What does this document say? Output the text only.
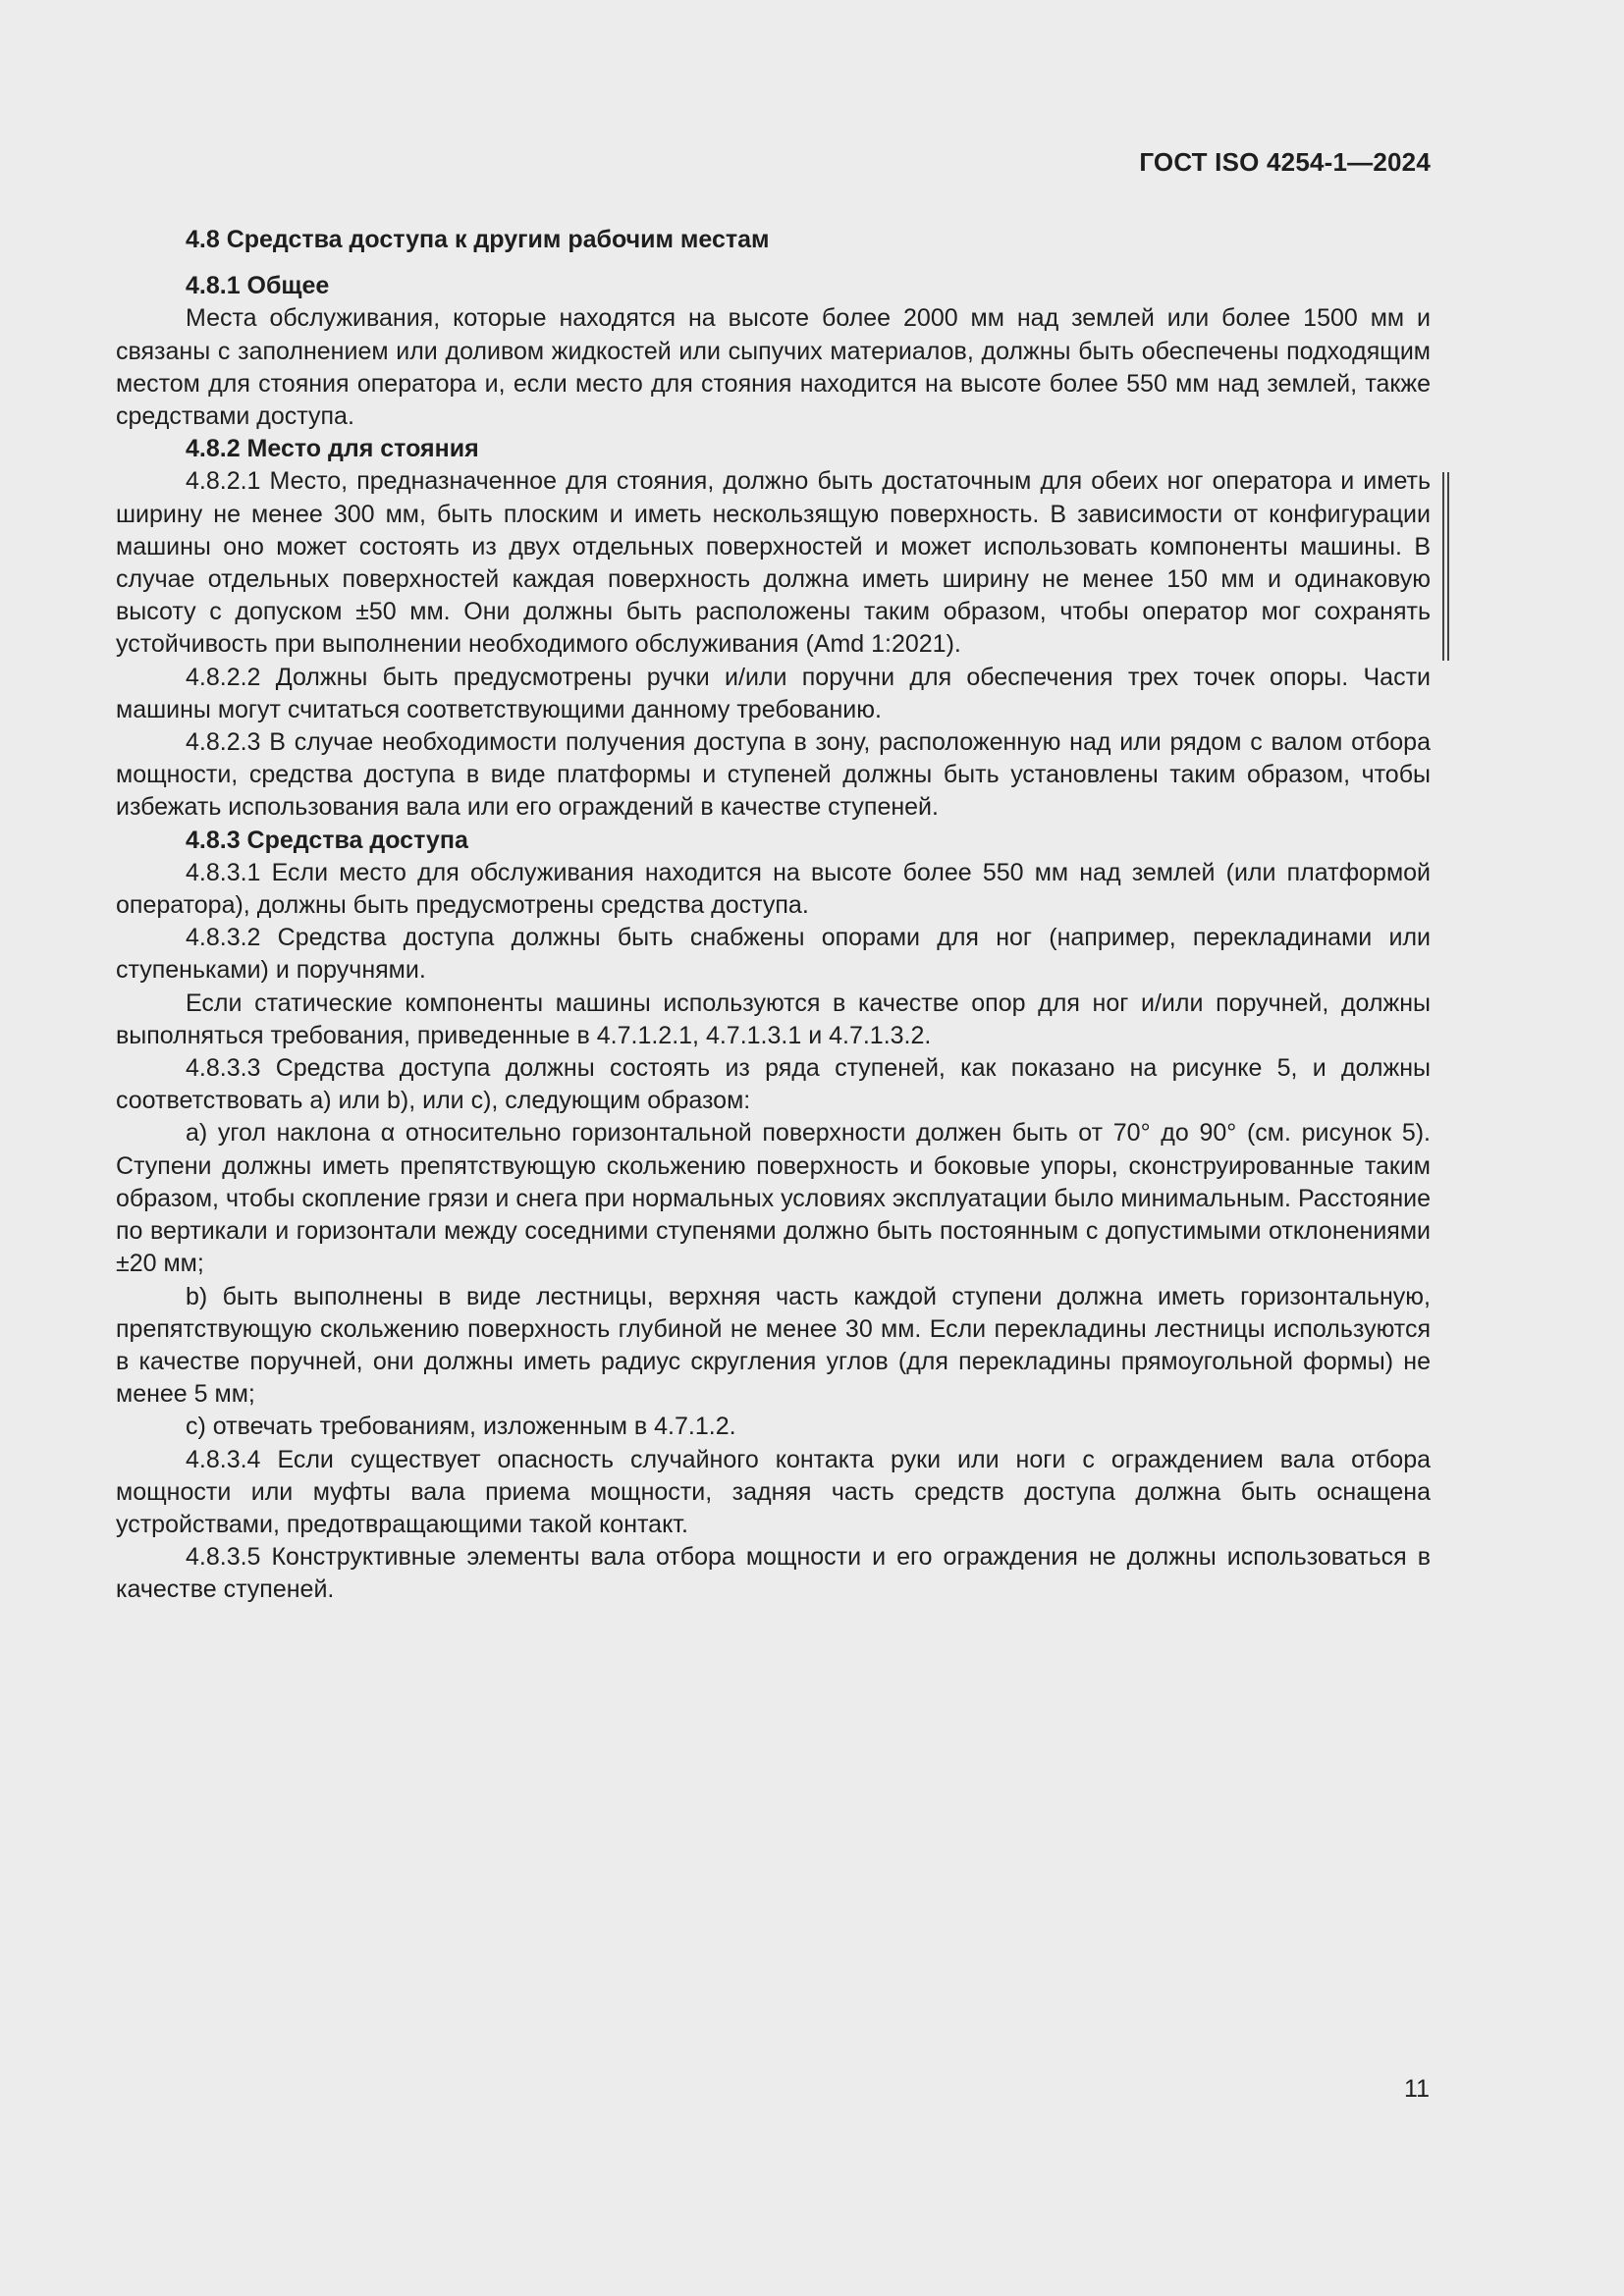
ГОСТ ISO 4254-1—2024

4.8 Средства доступа к другим рабочим местам

4.8.1 Общее

Места обслуживания, которые находятся на высоте более 2000 мм над землей или более 1500 мм и связаны с заполнением или доливом жидкостей или сыпучих материалов, должны быть обеспечены подходящим местом для стояния оператора и, если место для стояния находится на высоте более 550 мм над землей, также средствами доступа.

4.8.2 Место для стояния

4.8.2.1 Место, предназначенное для стояния, должно быть достаточным для обеих ног оператора и иметь ширину не менее 300 мм, быть плоским и иметь нескользящую поверхность. В зависимости от конфигурации машины оно может состоять из двух отдельных поверхностей и может использовать компоненты машины. В случае отдельных поверхностей каждая поверхность должна иметь ширину не менее 150 мм и одинаковую высоту с допуском ±50 мм. Они должны быть расположены таким образом, чтобы оператор мог сохранять устойчивость при выполнении необходимого обслуживания (Amd 1:2021).

4.8.2.2 Должны быть предусмотрены ручки и/или поручни для обеспечения трех точек опоры. Части машины могут считаться соответствующими данному требованию.

4.8.2.3 В случае необходимости получения доступа в зону, расположенную над или рядом с валом отбора мощности, средства доступа в виде платформы и ступеней должны быть установлены таким образом, чтобы избежать использования вала или его ограждений в качестве ступеней.

4.8.3 Средства доступа

4.8.3.1 Если место для обслуживания находится на высоте более 550 мм над землей (или платформой оператора), должны быть предусмотрены средства доступа.

4.8.3.2 Средства доступа должны быть снабжены опорами для ног (например, перекладинами или ступеньками) и поручнями.

Если статические компоненты машины используются в качестве опор для ног и/или поручней, должны выполняться требования, приведенные в 4.7.1.2.1, 4.7.1.3.1 и 4.7.1.3.2.

4.8.3.3 Средства доступа должны состоять из ряда ступеней, как показано на рисунке 5, и должны соответствовать a) или b), или c), следующим образом:

a) угол наклона α относительно горизонтальной поверхности должен быть от 70° до 90° (см. рисунок 5). Ступени должны иметь препятствующую скольжению поверхность и боковые упоры, сконструированные таким образом, чтобы скопление грязи и снега при нормальных условиях эксплуатации было минимальным. Расстояние по вертикали и горизонтали между соседними ступенями должно быть постоянным с допустимыми отклонениями ±20 мм;

b) быть выполнены в виде лестницы, верхняя часть каждой ступени должна иметь горизонтальную, препятствующую скольжению поверхность глубиной не менее 30 мм. Если перекладины лестницы используются в качестве поручней, они должны иметь радиус скругления углов (для перекладины прямоугольной формы) не менее 5 мм;

c) отвечать требованиям, изложенным в 4.7.1.2.

4.8.3.4 Если существует опасность случайного контакта руки или ноги с ограждением вала отбора мощности или муфты вала приема мощности, задняя часть средств доступа должна быть оснащена устройствами, предотвращающими такой контакт.

4.8.3.5 Конструктивные элементы вала отбора мощности и его ограждения не должны использоваться в качестве ступеней.

11
